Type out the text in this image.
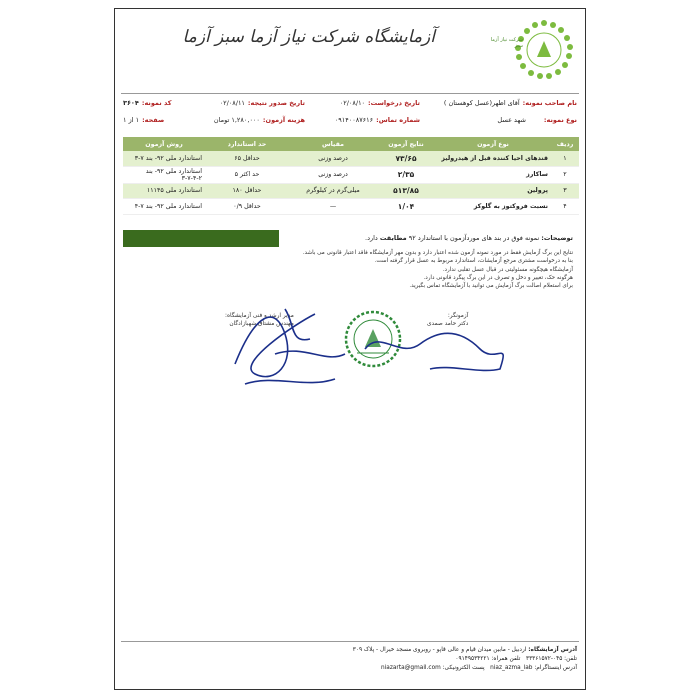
شرکت نیاز آزما سبز
آزمایشگاه شرکت نیاز آزما سبز آزما
نام صاحب نمونه:آقای اظهر(عسل کوهستان )
تاریخ درخواست:۰۲/۰۸/۱۰
تاریخ صدور نتیجه:۰۲/۰۸/۱۱
کد نمونه:۳۶۰۴
نوع نمونه:شهد عسل
شماره تماس:۰۹۱۴۰۰۸۷۶۱۶
هزینه آزمون:۱,۲۸۰,۰۰۰ تومان
صفحه:۱ از ۱
ردیف	نوع آزمون	نتایج آزمون	مقیاس	حد استاندارد	روش آزمون
۱	قندهای احیا کننده قبل از هیدرولیز	۷۳/۶۵	درصد وزنی	حداقل ۶۵	استاندارد ملی ۹۲- بند ۷-۳
۲	ساکارز	۲/۳۵	درصد وزنی	حد اکثر ۵	استاندارد ملی ۹۲- بند ۲-۴-۷-۳
۳	پرولین	۵۱۳/۸۵	میلی‌گرم در کیلوگرم	حداقل ۱۸۰	استاندارد ملی ۱۱۱۴۵
۴	نسبت فروکتوز به گلوکز	۱/۰۴	—	حداقل ۰/۹	استاندارد ملی ۹۲- بند ۷-۴
توضیحات: نمونه فوق در بند های موردآزمون با استاندارد ۹۲ مطابقت دارد.
نتایج این برگ آزمایش فقط در مورد نمونه آزمون شده اعتبار دارد و بدون مهر آزمایشگاه فاقد اعتبار قانونی می باشد.
بنا به درخواست مشتری مرجع آزمایشات، استاندارد مربوط به عسل قرار گرفته است.
آزمایشگاه هیچگونه مسئولیتی در قبال عسل تقلبی ندارد.
هرگونه حک، تغییر و دخل و تصرف در این برگ پیگرد قانونی دارد.
برای استعلام اصالت برگ آزمایش می توانید با آزمایشگاه تماس بگیرید.
مدیر ارشد و فنی آزمایشگاه:
مهندس مشتاق شهبازادگان
آزمونگر:
دکتر حامد صمدی
آدرس آزمایشگاه: اردبیل - مابین میدان قیام و عالی قاپو - روبروی مسجد خیرال - پلاک ۳۰۹
تلفن: ۰۴۵-۳۳۳۶۱۵۷۲   تلفن همراه: ۰۹۱۴۹۵۳۴۲۲۱
آدرس اینستاگرام: niaz_azma_lab   پست الکترونیکی: niazarta@gmail.com
